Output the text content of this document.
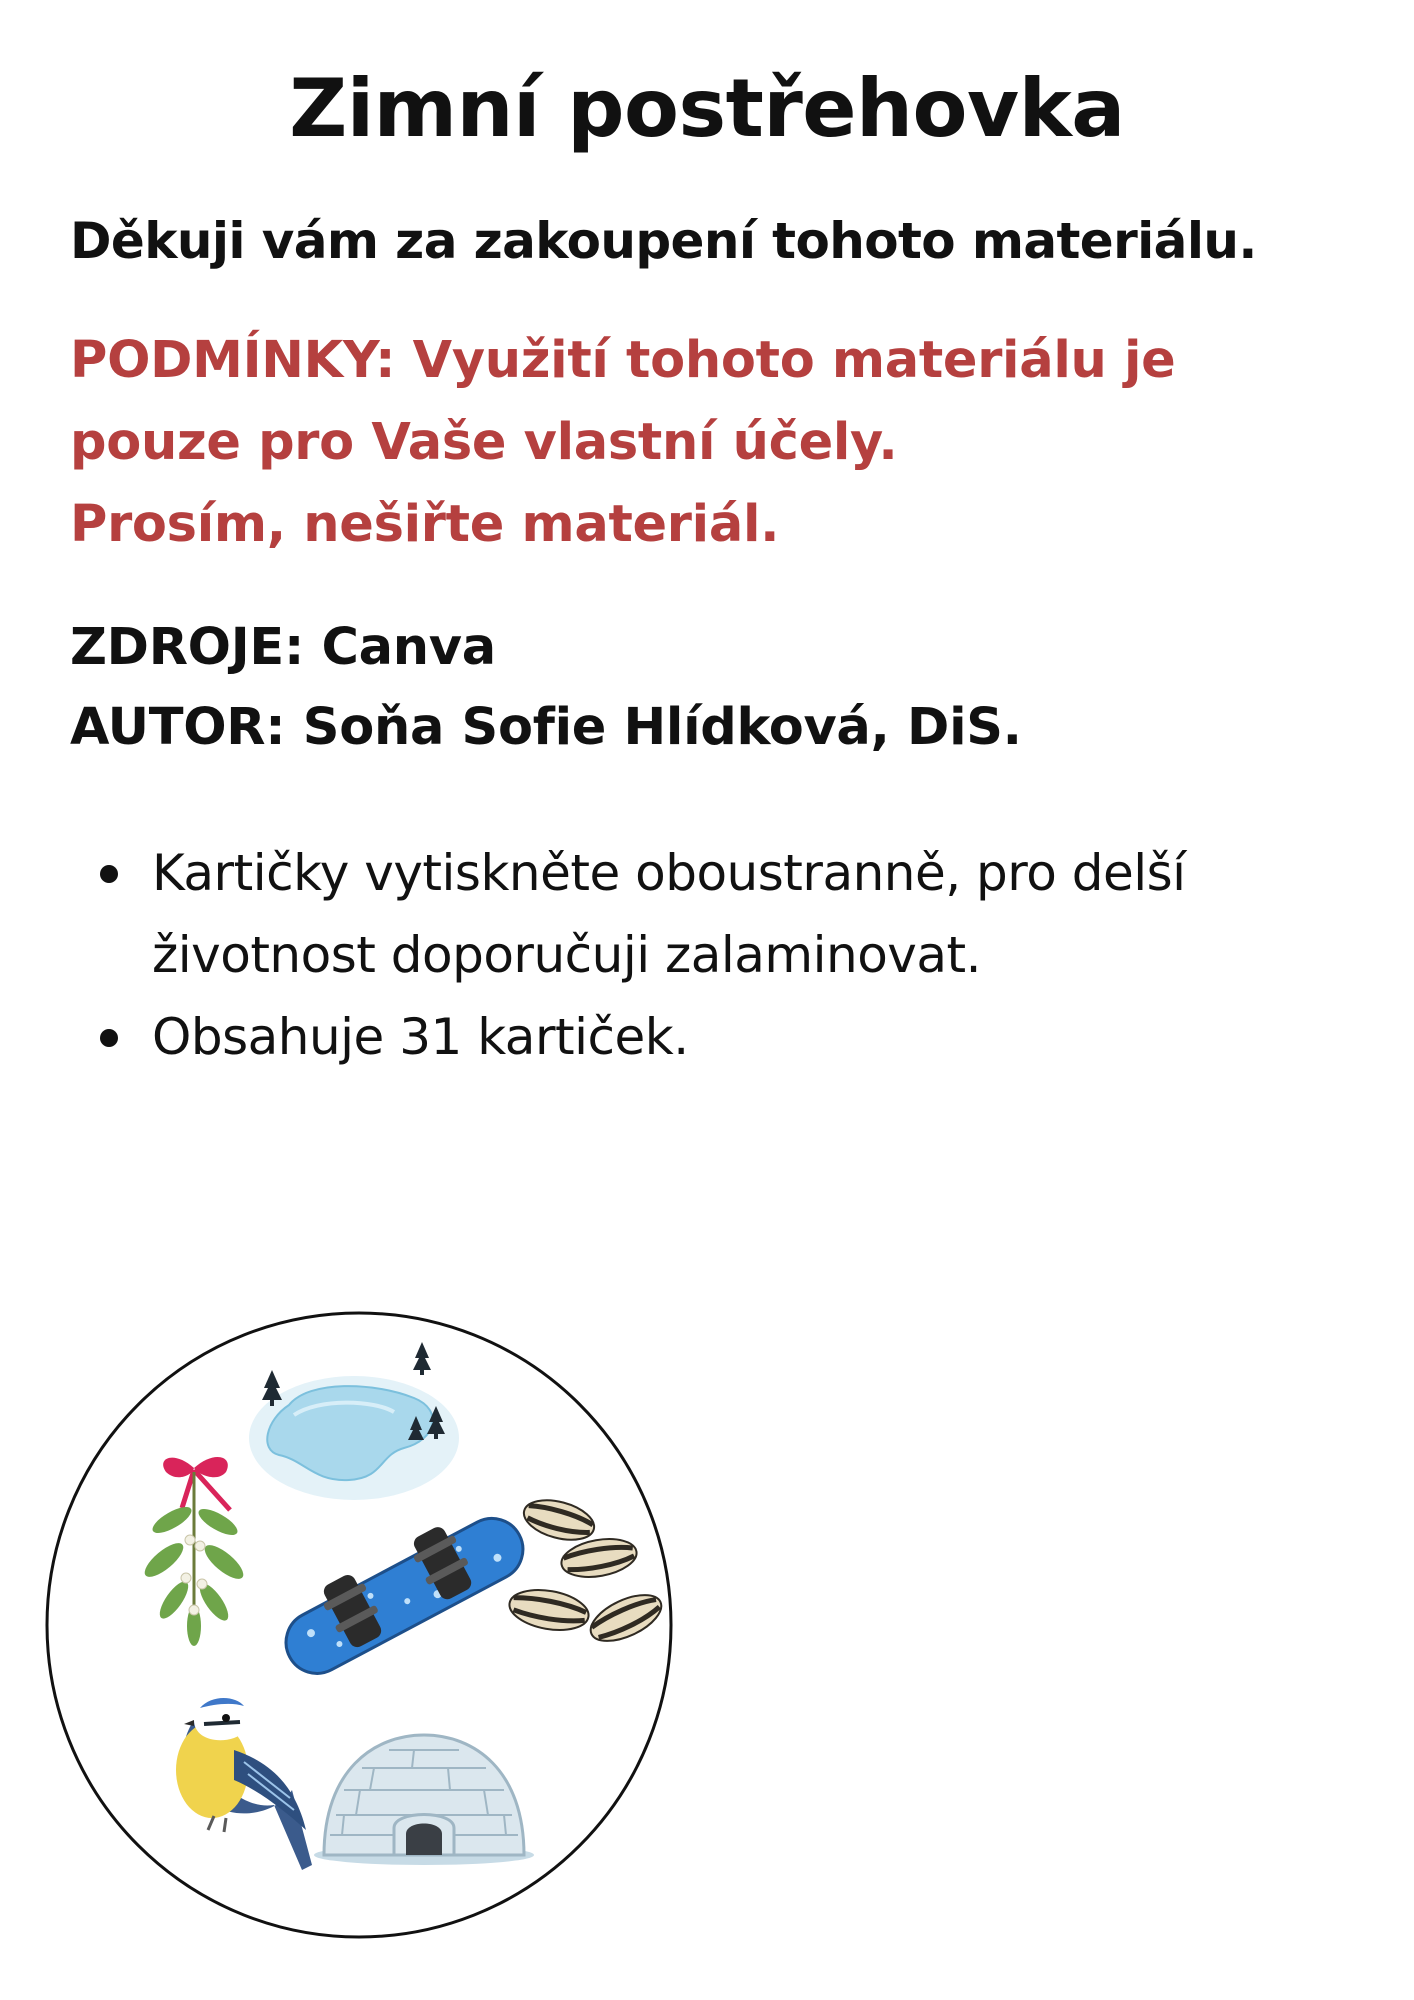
Zimní postřehovka

Děkuji vám za zakoupení tohoto materiálu.

PODMÍNKY: Využití tohoto materiálu je
pouze pro Vaše vlastní účely.
Prosím, nešiřte materiál.
ZDROJE: Canva
AUTOR: Soňa Sofie Hlídková, DiS.
Kartičky vytiskněte oboustranně, pro delší
životnost doporučuji zalaminovat.
Obsahuje 31 kartiček.
